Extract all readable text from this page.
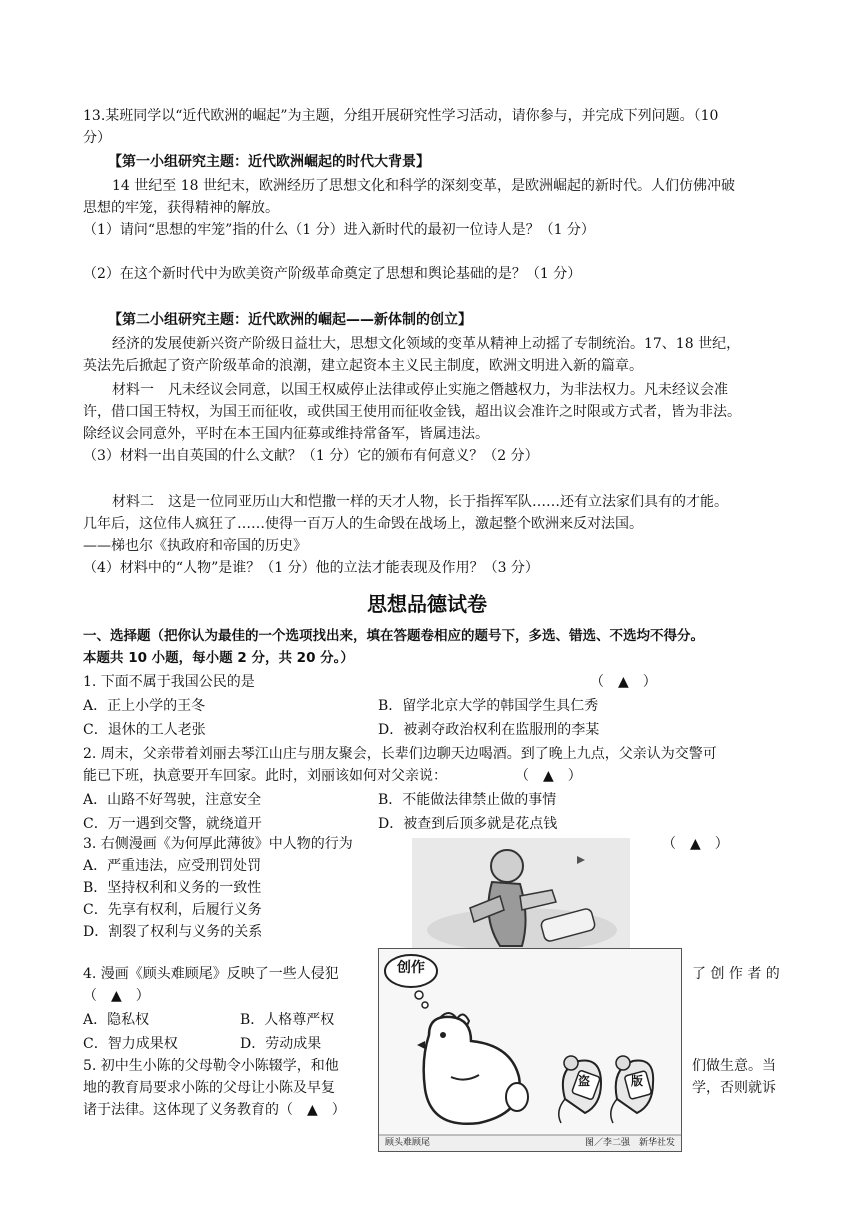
13.某班同学以“近代欧洲的崛起”为主题，分组开展研究性学习活动，请你参与，并完成下列问题。（10
分）
【第一小组研究主题：近代欧洲崛起的时代大背景】
14 世纪至 18 世纪末，欧洲经历了思想文化和科学的深刻变革，是欧洲崛起的新时代。人们仿佛冲破
思想的牢笼，获得精神的解放。
（1）请问“思想的牢笼”指的什么（1 分）进入新时代的最初一位诗人是？（1 分）
（2）在这个新时代中为欧美资产阶级革命奠定了思想和舆论基础的是？（1 分）
【第二小组研究主题：近代欧洲的崛起——新体制的创立】
经济的发展使新兴资产阶级日益壮大，思想文化领域的变革从精神上动摇了专制统治。17、18 世纪，
英法先后掀起了资产阶级革命的浪潮，建立起资本主义民主制度，欧洲文明进入新的篇章。
材料一　凡未经议会同意，以国王权威停止法律或停止实施之僭越权力，为非法权力。凡未经议会准
许，借口国王特权，为国王而征收，或供国王使用而征收金钱，超出议会准许之时限或方式者，皆为非法。
除经议会同意外，平时在本王国内征募或维持常备军，皆属违法。
（3）材料一出自英国的什么文献？（1 分）它的颁布有何意义？（2 分）
材料二　这是一位同亚历山大和恺撒一样的天才人物，长于指挥军队……还有立法家们具有的才能。
几年后，这位伟人疯狂了……使得一百万人的生命毁在战场上，激起整个欧洲来反对法国。
——梯也尔《执政府和帝国的历史》
（4）材料中的“人物”是谁？（1 分）他的立法才能表现及作用？（3 分）
思想品德试卷
一、选择题（把你认为最佳的一个选项找出来，填在答题卷相应的题号下，多选、错选、不选均不得分。
本题共 10 小题，每小题 2 分，共 20 分。）
1. 下面不属于我国公民的是	（　▲　）
A．正上小学的王冬	B．留学北京大学的韩国学生具仁秀
C．退休的工人老张	D．被剥夺政治权利在监服刑的李某
2. 周末，父亲带着刘丽去琴江山庄与朋友聚会，长辈们边聊天边喝酒。到了晚上九点，父亲认为交警可
能已下班，执意要开车回家。此时，刘丽该如何对父亲说：	（　▲　）
A．山路不好驾驶，注意安全	B．不能做法律禁止做的事情
C．万一遇到交警，就绕道开	D．被查到后顶多就是花点钱
3. 右侧漫画《为何厚此薄彼》中人物的行为	（　▲　）
A．严重违法，应受刑罚处罚
B．坚持权利和义务的一致性
C．先享有权利，后履行义务
D．割裂了权利与义务的关系
4. 漫画《顾头难顾尾》反映了一些人侵犯	了 创 作 者 的
（　▲　）
A．隐私权	B．人格尊严权
C．智力成果权	D．劳动成果
5. 初中生小陈的父母勒令小陈辍学，和他	们做生意。当
地的教育局要求小陈的父母让小陈及早复	学，否则就诉
诸于法律。这体现了义务教育的（　▲　）
创作
盗	版
顾头难顾尾	图／李二强　新华社发
